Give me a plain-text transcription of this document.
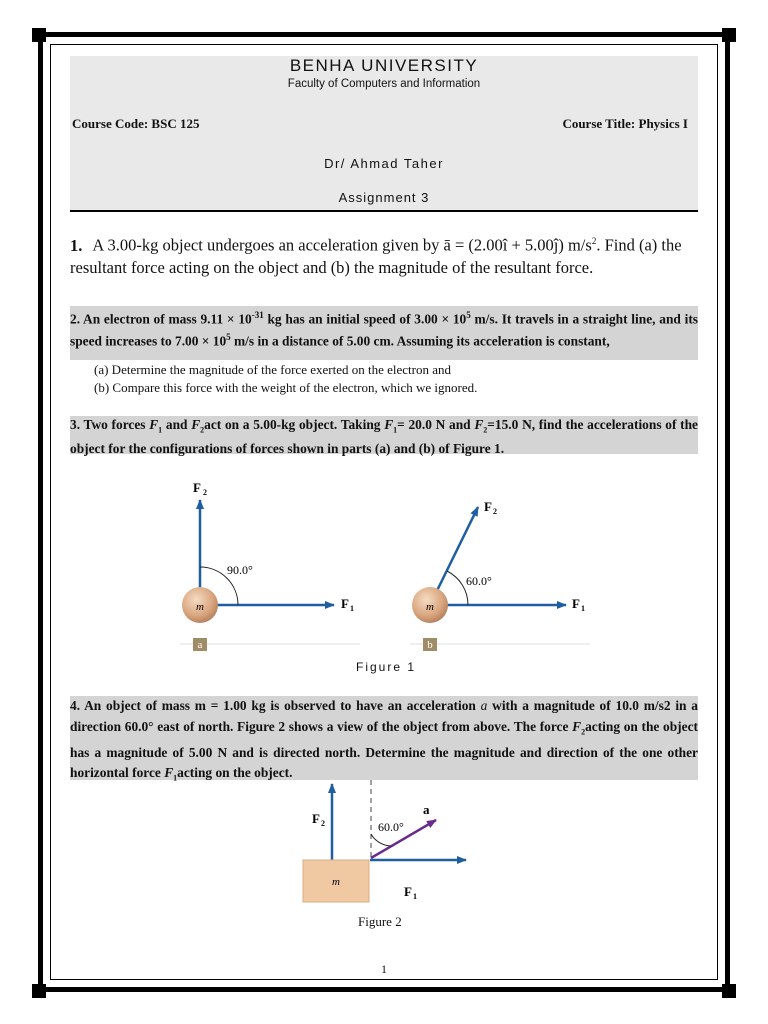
BENHA UNIVERSITY
Faculty of Computers and Information
Course Code: BSC 125	Course Title: Physics I
Dr/ Ahmad Taher
Assignment 3
1. A 3.00-kg object undergoes an acceleration given by ā = (2.00î + 5.00ĵ) $m/s^2$. Find (a) the resultant force acting on the object and (b) the magnitude of the resultant force.
2. An electron of mass $9.11 \times 10^{-31}$ kg has an initial speed of $3.00 \times 10^5$ m/s. It travels in a straight line, and its speed increases to $7.00 \times 10^5$ m/s in a distance of 5.00 cm. Assuming its acceleration is constant,
(a) Determine the magnitude of the force exerted on the electron and
(b) Compare this force with the weight of the electron, which we ignored.
3. Two forces $F_1$ and $F_2act$ on a 5.00-kg object. Taking $F_1= 20.0$ N and $F_2=15.0$ N, find the accelerations of the object for the configurations of forces shown in parts (a) and (b) of Figure 1.
m
90.0°
F 2
F 1
a
m
60.0°
F 2
F 1
b
Figure 1
4. An object of mass m = 1.00 kg is observed to have an acceleration a with a magnitude of 10.0 m/s2 in a direction 60.0° east of north. Figure 2 shows a view of the object from above. The force $F_2acting$ on the object has a magnitude of 5.00 N and is directed north. Determine the magnitude and direction of the one other horizontal force $F_1acting$ on the object.
m
60.0°
a
F 2
F 1
Figure 2
1
